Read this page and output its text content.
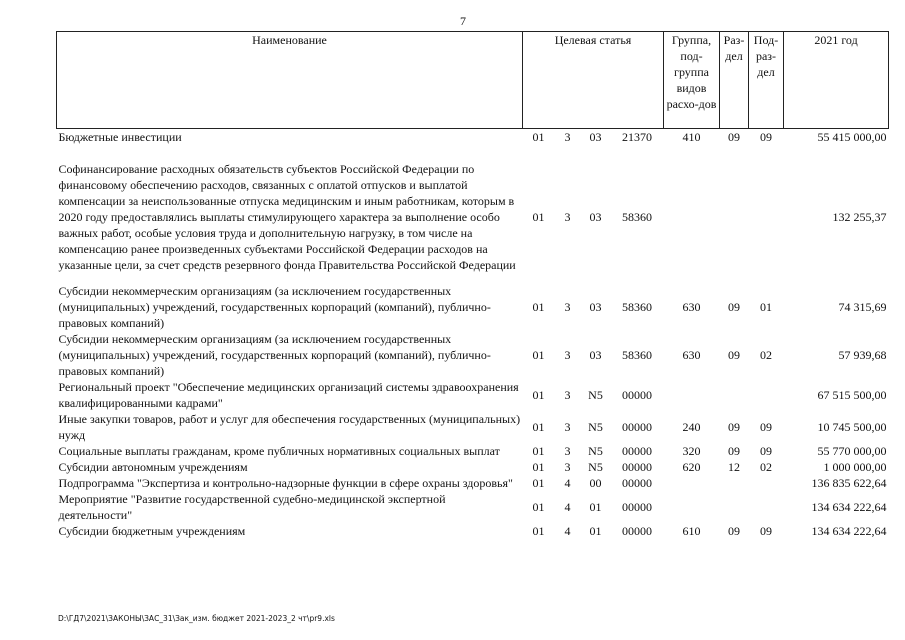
7
Наименование	Целевая статья				Группа, под-группа видов расхо-дов	Раз-дел	Под-раз-дел	2021 год
Бюджетные инвестиции	01	3	03	21370	410	09	09	55 415 000,00

Софинансирование расходных обязательств субъектов Российской Федерации по финансовому обеспечению расходов, связанных с оплатой отпусков и выплатой компенсации за неиспользованные отпуска медицинским и иным работникам, которым в 2020 году предоставлялись выплаты стимулирующего характера за выполнение особо важных работ, особые условия труда и дополнительную нагрузку, в том числе на компенсацию ранее произведенных субъектами Российской Федерации расходов на указанные цели, за счет средств резервного фонда Правительства Российской Федерации	01	3	03	58360				132 255,37

Субсидии некоммерческим организациям (за исключением государственных (муниципальных) учреждений, государственных корпораций (компаний), публично-правовых компаний)	01	3	03	58360	630	09	01	74 315,69
Субсидии некоммерческим организациям (за исключением государственных (муниципальных) учреждений, государственных корпораций (компаний), публично-правовых компаний)	01	3	03	58360	630	09	02	57 939,68
Региональный проект "Обеспечение медицинских организаций системы здравоохранения квалифицированными кадрами"	01	3	N5	00000				67 515 500,00
Иные закупки товаров, работ и услуг для обеспечения государственных (муниципальных) нужд	01	3	N5	00000	240	09	09	10 745 500,00
Социальные выплаты гражданам, кроме публичных нормативных социальных выплат	01	3	N5	00000	320	09	09	55 770 000,00
Субсидии автономным учреждениям	01	3	N5	00000	620	12	02	1 000 000,00
Подпрограмма "Экспертиза и контрольно-надзорные функции в сфере охраны здоровья"	01	4	00	00000				136 835 622,64
Мероприятие "Развитие государственной судебно-медицинской экспертной деятельности"	01	4	01	00000				134 634 222,64
Субсидии бюджетным учреждениям	01	4	01	00000	610	09	09	134 634 222,64
D:\ГД7\2021\ЗАКОНЫ\ЗАС_31\Зак_изм. бюджет 2021-2023_2 чт\pr9.xls
